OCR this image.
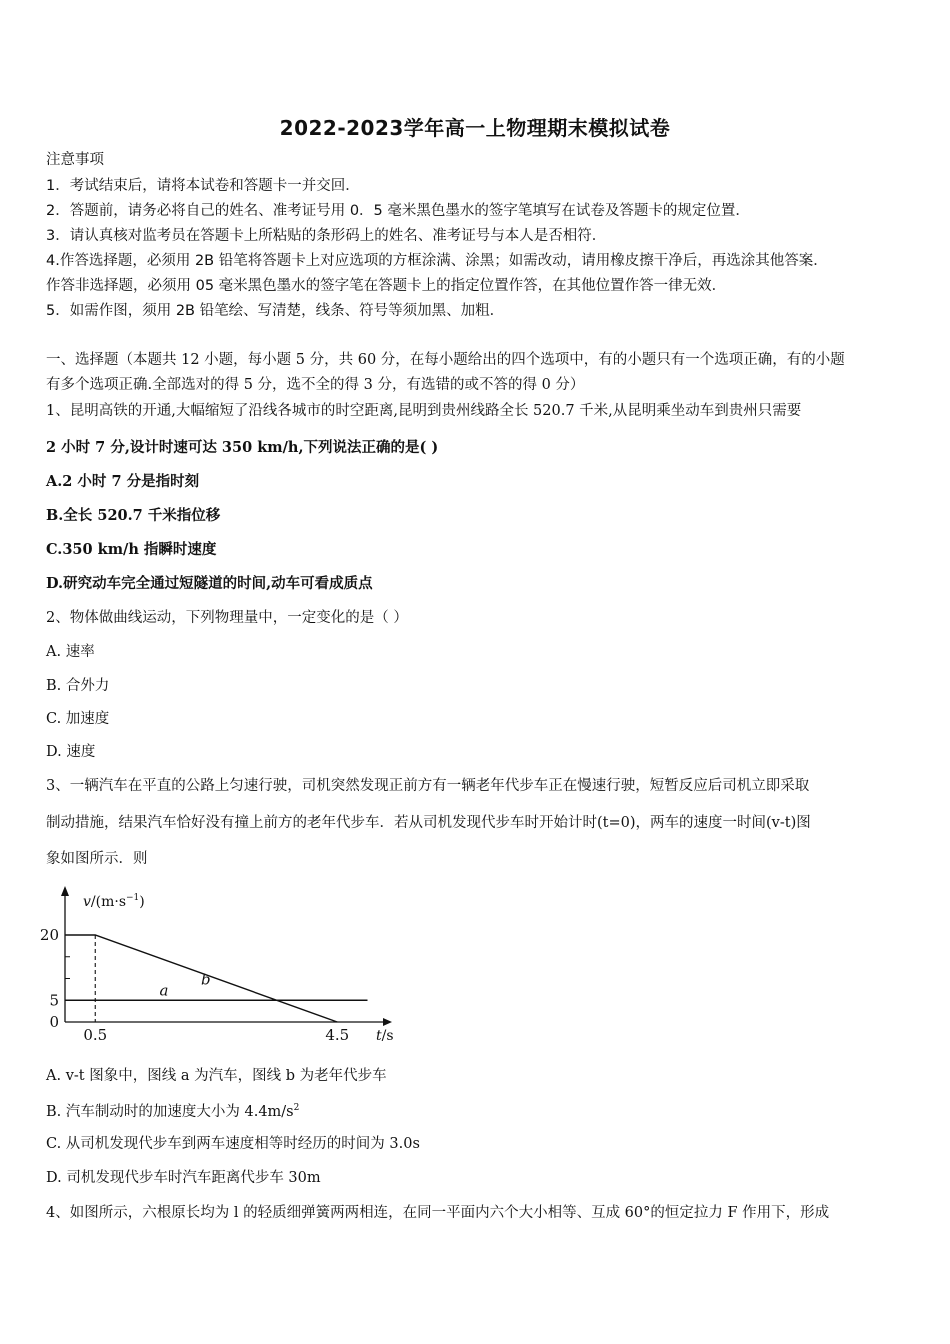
2022-2023学年高一上物理期末模拟试卷
注意事项
1．考试结束后，请将本试卷和答题卡一并交回．
2．答题前，请务必将自己的姓名、准考证号用 0．5 毫米黑色墨水的签字笔填写在试卷及答题卡的规定位置．
3．请认真核对监考员在答题卡上所粘贴的条形码上的姓名、准考证号与本人是否相符．
4.作答选择题，必须用 2B 铅笔将答题卡上对应选项的方框涂满、涂黑；如需改动，请用橡皮擦干净后，再选涂其他答案．
作答非选择题，必须用 05 毫米黑色墨水的签字笔在答题卡上的指定位置作答，在其他位置作答一律无效．
5．如需作图，须用 2B 铅笔绘、写清楚，线条、符号等须加黑、加粗．
一、选择题（本题共 12 小题，每小题 5 分，共 60 分，在每小题给出的四个选项中，有的小题只有一个选项正确，有的小题
有多个选项正确.全部选对的得 5 分，选不全的得 3 分，有选错的或不答的得 0 分）
1、昆明高铁的开通,大幅缩短了沿线各城市的时空距离,昆明到贵州线路全长 520.7 千米,从昆明乘坐动车到贵州只需要
2 小时 7 分,设计时速可达 350 km/h,下列说法正确的是( )
A.2 小时 7 分是指时刻
B.全长 520.7 千米指位移
C.350 km/h 指瞬时速度
D.研究动车完全通过短隧道的时间,动车可看成质点
2、物体做曲线运动，下列物理量中，一定变化的是（ ）
A. 速率
B. 合外力
C. 加速度
D. 速度
3、一辆汽车在平直的公路上匀速行驶，司机突然发现正前方有一辆老年代步车正在慢速行驶，短暂反应后司机立即采取
制动措施，结果汽车恰好没有撞上前方的老年代步车．若从司机发现代步车时开始计时(t=0)，两车的速度一时间(v-t)图
象如图所示．则
$v/(m\cdot s^{-1})$
t/s
20
5
0
0.5	4.5
b
a
A. v-t 图象中，图线 a 为汽车，图线 b 为老年代步车
B. 汽车制动时的加速度大小为 $4.4m/s^2$
C. 从司机发现代步车到两车速度相等时经历的时间为 3.0s
D. 司机发现代步车时汽车距离代步车 30m
4、如图所示，六根原长均为 l 的轻质细弹簧两两相连，在同一平面内六个大小相等、互成 60°的恒定拉力 F 作用下，形成
